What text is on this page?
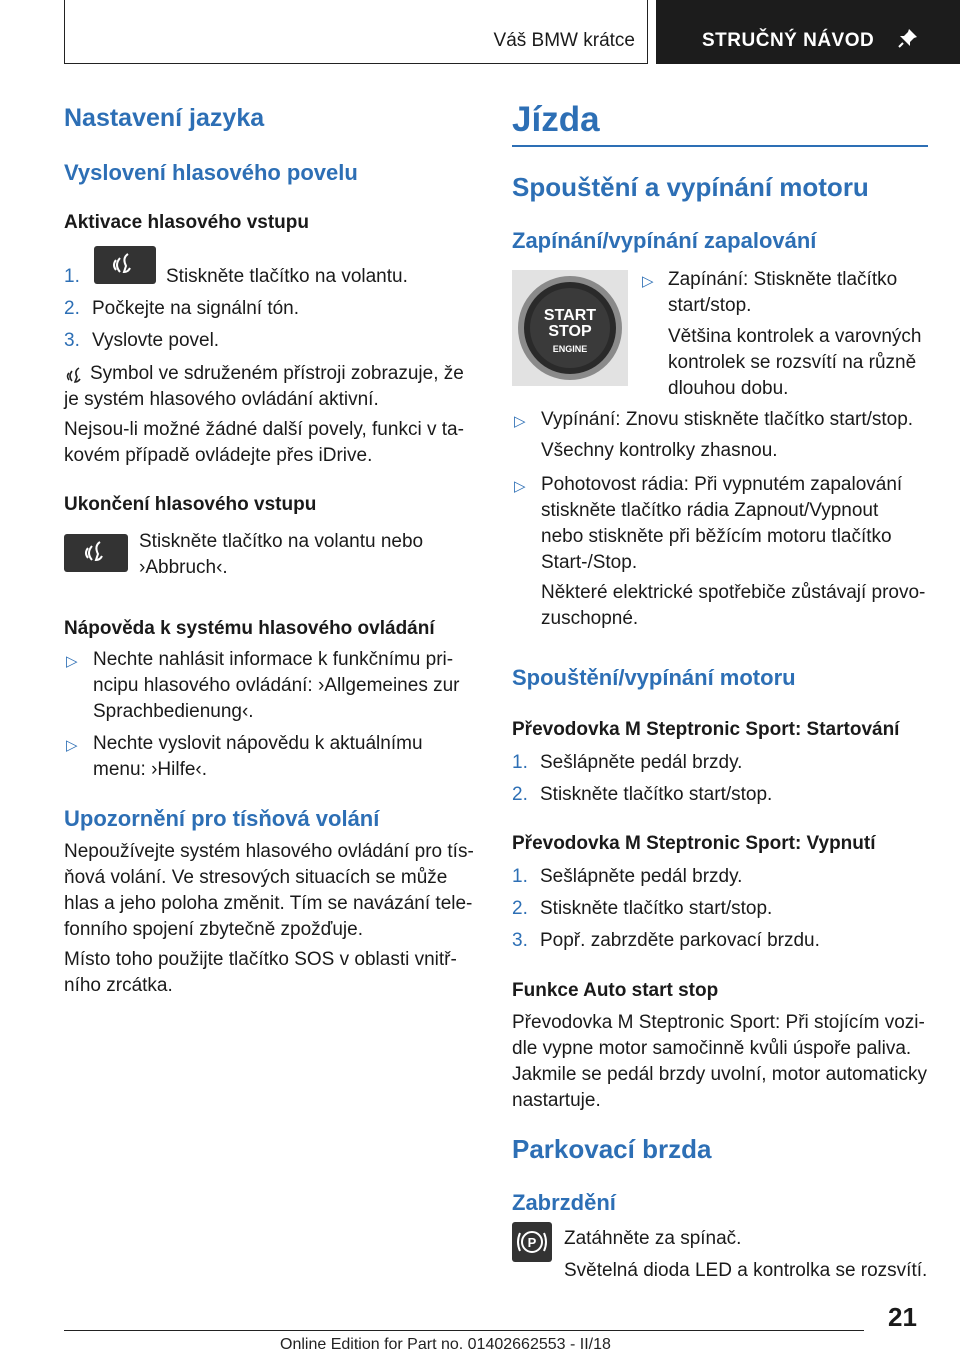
Váš BMW krátce	STRUČNÝ NÁVOD
Nastavení jazyka
Vyslovení hlasového povelu
Aktivace hlasového vstupu
1.	Stiskněte tlačítko na volantu.
2. Počkejte na signální tón.
3. Vyslovte povel.
Symbol ve sdruženém přístroji zobrazuje, že
je systém hlasového ovládání aktivní.
Nejsou-li možné žádné další povely, funkci v ta-
kovém případě ovládejte přes iDrive.
Ukončení hlasového vstupu
Stiskněte tlačítko na volantu nebo
›Abbruch‹.
Nápověda k systému hlasového ovládání
▷ Nechte nahlásit informace k funkčnímu pri-
ncipu hlasového ovládání: ›Allgemeines zur
Sprachbedienung‹.
▷ Nechte vyslovit nápovědu k aktuálnímu
menu: ›Hilfe‹.
Upozornění pro tísňová volání
Nepoužívejte systém hlasového ovládání pro tís-
ňová volání. Ve stresových situacích se může
hlas a jeho poloha změnit. Tím se navázání tele-
fonního spojení zbytečně zpožďuje.
Místo toho použijte tlačítko SOS v oblasti vnitř-
ního zrcátka.
Jízda
Spouštění a vypínání motoru
Zapínání/vypínání zapalování
START
STOP
ENGINE
▷ Zapínání: Stiskněte tlačítko
start/stop.
Většina kontrolek a varovných
kontrolek se rozsvítí na různě
dlouhou dobu.
▷ Vypínání: Znovu stiskněte tlačítko start/stop.
Všechny kontrolky zhasnou.
▷ Pohotovost rádia: Při vypnutém zapalování
stiskněte tlačítko rádia Zapnout/Vypnout
nebo stiskněte při běžícím motoru tlačítko
Start-/Stop.
Některé elektrické spotřebiče zůstávají provo-
zuschopné.
Spouštění/vypínání motoru
Převodovka M Steptronic Sport: Startování
1. Sešlápněte pedál brzdy.
2. Stiskněte tlačítko start/stop.
Převodovka M Steptronic Sport: Vypnutí
1. Sešlápněte pedál brzdy.
2. Stiskněte tlačítko start/stop.
3. Popř. zabrzděte parkovací brzdu.
Funkce Auto start stop
Převodovka M Steptronic Sport: Při stojícím vozi-
dle vypne motor samočinně kvůli úspoře paliva.
Jakmile se pedál brzdy uvolní, motor automaticky
nastartuje.
Parkovací brzda
Zabrzdění
P Zatáhněte za spínač.
Světelná dioda LED a kontrolka se rozsvítí.
21
Online Edition for Part no. 01402662553 - II/18
